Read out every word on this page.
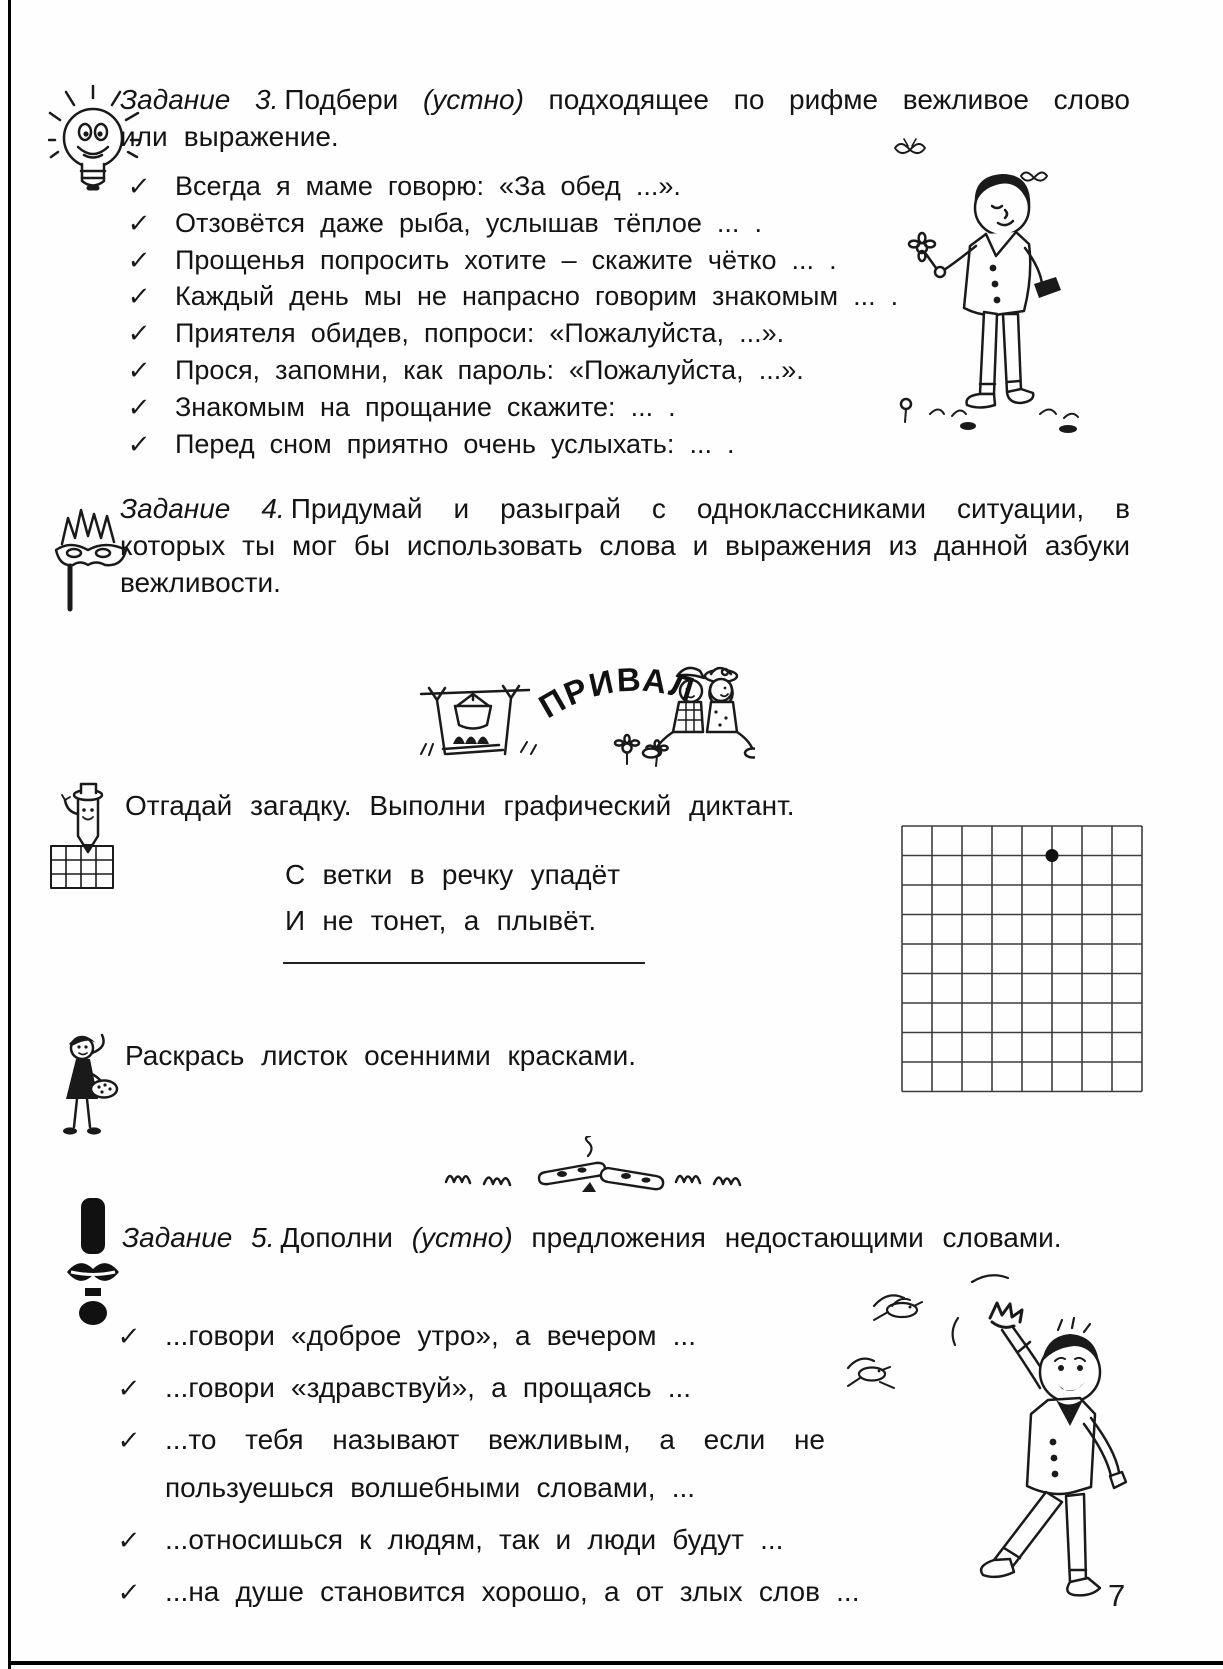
Задание 3. Подбери (устно) подходящее по рифме вежливое слово или выражение.

✓ Всегда я маме говорю: «За обед ...».
✓ Отзовётся даже рыба, услышав тёплое ... .
✓ Прощенья попросить хотите – скажите чётко ... .
✓ Каждый день мы не напрасно говорим знакомым ... .
✓ Приятеля обидев, попроси: «Пожалуйста, ...».
✓ Прося, запомни, как пароль: «Пожалуйста, ...».
✓ Знакомым на прощание скажите: ... .
✓ Перед сном приятно очень услыхать: ... .

Задание 4. Придумай и разыграй с одноклассниками ситуации, в которых ты мог бы использовать слова и выражения из данной азбуки вежливости.

ПРИВАЛ

Отгадай загадку. Выполни графический диктант.

С ветки в речку упадёт
И не тонет, а плывёт.

Раскрась листок осенними красками.

Задание 5. Дополни (устно) предложения недостающими словами.

✓ ...говори «доброе утро», а вечером ...
✓ ...говори «здравствуй», а прощаясь ...
✓ ...то тебя называют вежливым, а если не пользуешься волшебными словами, ...
✓ ...относишься к людям, так и люди будут ...
✓ ...на душе становится хорошо, а от злых слов ...	7
